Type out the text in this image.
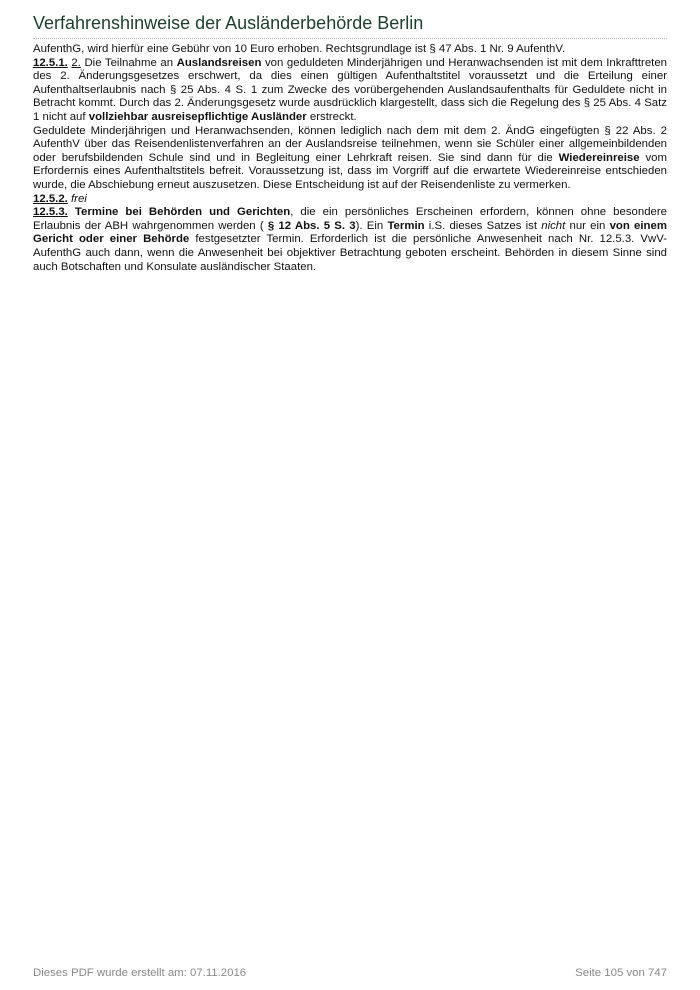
Verfahrenshinweise der Ausländerbehörde Berlin

AufenthG, wird hierfür eine Gebühr von 10 Euro erhoben. Rechtsgrundlage ist § 47 Abs. 1 Nr. 9 AufenthV.

12.5.1. 2. Die Teilnahme an Auslandsreisen von geduldeten Minderjährigen und Heranwachsenden ist mit dem Inkrafttreten des 2. Änderungsgesetzes erschwert, da dies einen gültigen Aufenthaltstitel voraussetzt und die Erteilung einer Aufenthaltserlaubnis nach § 25 Abs. 4 S. 1 zum Zwecke des vorübergehenden Auslandsaufenthalts für Geduldete nicht in Betracht kommt. Durch das 2. Änderungsgesetz wurde ausdrücklich klargestellt, dass sich die Regelung des § 25 Abs. 4 Satz 1 nicht auf vollziehbar ausreisepflichtige Ausländer erstreckt.

Geduldete Minderjährigen und Heranwachsenden, können lediglich nach dem mit dem 2. ÄndG eingefügten § 22 Abs. 2 AufenthV über das Reisendenlistenverfahren an der Auslandsreise teilnehmen, wenn sie Schüler einer allgemeinbildenden oder berufsbildenden Schule sind und in Begleitung einer Lehrkraft reisen. Sie sind dann für die Wiedereinreise vom Erfordernis eines Aufenthaltstitels befreit. Voraussetzung ist, dass im Vorgriff auf die erwartete Wiedereinreise entschieden wurde, die Abschiebung erneut auszusetzen. Diese Entscheidung ist auf der Reisendenliste zu vermerken.

12.5.2. frei

12.5.3. Termine bei Behörden und Gerichten, die ein persönliches Erscheinen erfordern, können ohne besondere Erlaubnis der ABH wahrgenommen werden ( § 12 Abs. 5 S. 3). Ein Termin i.S. dieses Satzes ist nicht nur ein von einem Gericht oder einer Behörde festgesetzter Termin. Erforderlich ist die persönliche Anwesenheit nach Nr. 12.5.3. VwV-AufenthG auch dann, wenn die Anwesenheit bei objektiver Betrachtung geboten erscheint. Behörden in diesem Sinne sind auch Botschaften und Konsulate ausländischer Staaten.

Dieses PDF wurde erstellt am: 07.11.2016	Seite 105 von 747
